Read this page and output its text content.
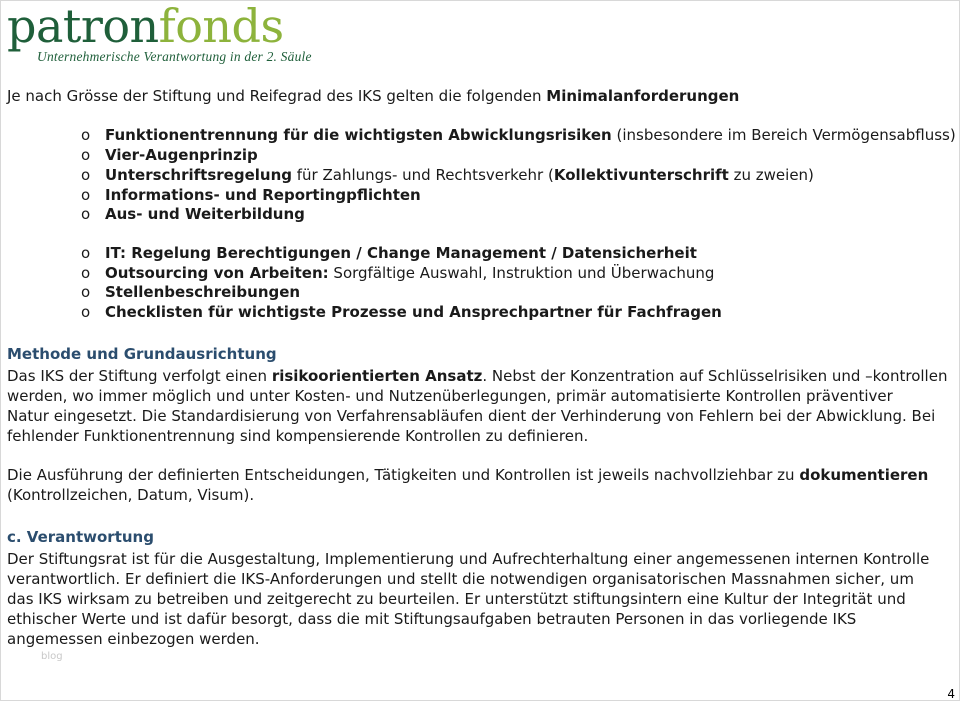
patronfonds
Unternehmerische Verantwortung in der 2. Säule
Je nach Grösse der Stiftung und Reifegrad des IKS gelten die folgenden Minimalanforderungen
o Funktionentrennung für die wichtigsten Abwicklungsrisiken (insbesondere im Bereich Vermögensabfluss)
o Vier-Augenprinzip
o Unterschriftsregelung für Zahlungs- und Rechtsverkehr (Kollektivunterschrift zu zweien)
o Informations- und Reportingpflichten
o Aus- und Weiterbildung
o IT: Regelung Berechtigungen / Change Management / Datensicherheit
o Outsourcing von Arbeiten: Sorgfältige Auswahl, Instruktion und Überwachung
o Stellenbeschreibungen
o Checklisten für wichtigste Prozesse und Ansprechpartner für Fachfragen
Methode und Grundausrichtung
Das IKS der Stiftung verfolgt einen risikoorientierten Ansatz. Nebst der Konzentration auf Schlüsselrisiken und –kontrollen
werden, wo immer möglich und unter Kosten- und Nutzenüberlegungen, primär automatisierte Kontrollen präventiver
Natur eingesetzt. Die Standardisierung von Verfahrensabläufen dient der Verhinderung von Fehlern bei der Abwicklung. Bei
fehlender Funktionentrennung sind kompensierende Kontrollen zu definieren.
Die Ausführung der definierten Entscheidungen, Tätigkeiten und Kontrollen ist jeweils nachvollziehbar zu dokumentieren
(Kontrollzeichen, Datum, Visum).
c. Verantwortung
Der Stiftungsrat ist für die Ausgestaltung, Implementierung und Aufrechterhaltung einer angemessenen internen Kontrolle
verantwortlich. Er definiert die IKS-Anforderungen und stellt die notwendigen organisatorischen Massnahmen sicher, um
das IKS wirksam zu betreiben und zeitgerecht zu beurteilen. Er unterstützt stiftungsintern eine Kultur der Integrität und
ethischer Werte und ist dafür besorgt, dass die mit Stiftungsaufgaben betrauten Personen in das vorliegende IKS
angemessen einbezogen werden.
blog
4
